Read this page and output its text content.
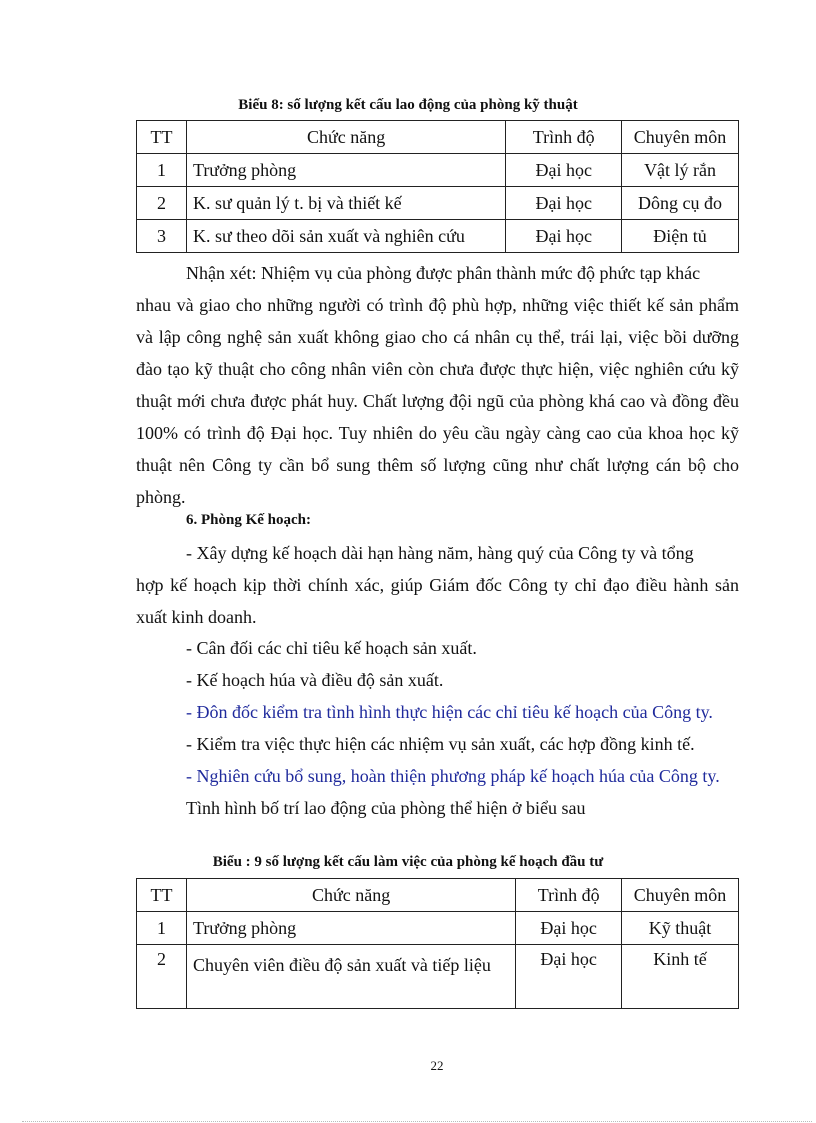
Biểu 8: số lượng kết cấu lao động của phòng kỹ thuật
TT	Chức năng	Trình độ	Chuyên môn
1	Trưởng phòng	Đại học	Vật lý rắn
2	K. sư quản lý t. bị và thiết kế	Đại học	Dông cụ đo
3	K. sư theo dõi sản xuất và nghiên cứu	Đại học	Điện tủ
Nhận xét: Nhiệm vụ của phòng được phân thành mức độ phức tạp khác
nhau và giao cho những người có trình độ phù hợp, những việc thiết kế sản phẩm và lập công nghệ sản xuất không giao cho cá nhân cụ thể, trái lại, việc bồi dưỡng đào tạo kỹ thuật cho công nhân viên còn chưa được thực hiện, việc nghiên cứu kỹ thuật mới chưa được phát huy. Chất lượng đội ngũ của phòng khá cao và đồng đều 100% có trình độ Đại học. Tuy nhiên do yêu cầu ngày càng cao của khoa học kỹ thuật nên Công ty cần bổ sung thêm số lượng cũng như chất lượng cán bộ cho phòng.
6. Phòng Kế hoạch:
- Xây dựng kế hoạch dài hạn hàng năm, hàng quý của Công ty và tổng
hợp kế hoạch kịp thời chính xác, giúp Giám đốc Công ty chỉ đạo điều hành sản xuất kinh doanh.
- Cân đối các chỉ tiêu kế hoạch sản xuất.
- Kế hoạch húa và điều độ sản xuất.
- Đôn đốc kiểm tra tình hình thực hiện các chỉ tiêu kế hoạch của Công ty.
- Kiểm tra việc thực hiện các nhiệm vụ sản xuất, các hợp đồng kinh tế.
- Nghiên cứu bổ sung, hoàn thiện phương pháp kế hoạch húa của Công ty.
Tình hình bố trí lao động của phòng thể hiện ở biểu sau
Biểu : 9 số lượng kết cấu làm việc của phòng kế hoạch đầu tư
TT	Chức năng	Trình độ	Chuyên môn
1	Trưởng phòng	Đại học	Kỹ thuật
2	Chuyên viên điều độ sản xuất và tiếp liệu	Đại học	Kinh tế
22
